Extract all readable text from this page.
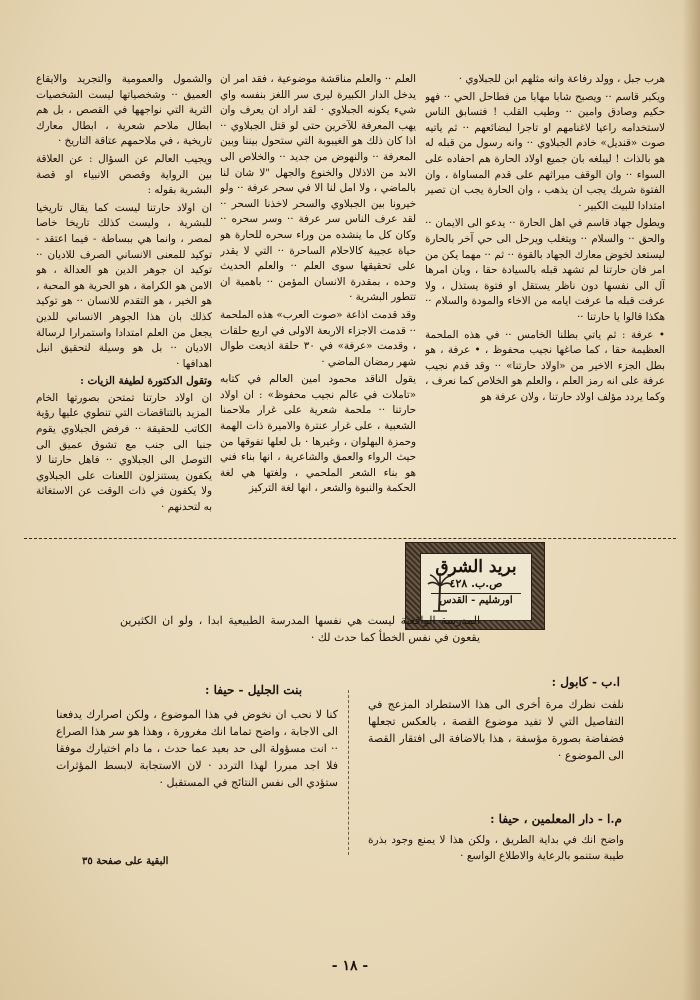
هرب جبل ، وولد رفاعة وانه مثلهم ابن للجبلاوي ·

ويكبر قاسم ·· ويصبح شابا مهابا من فطاحل الحي ·· فهو حكيم وصادق وامين ·· وطيب القلب ! فتسابق الناس لاستخدامه راعيا لاغنامهم او تاجرا لبضائعهم ·· ثم ياتيه صوت «قنديل» خادم الجبلاوي ·· وانه رسول من قبله له هو بالذات ! ليبلغه بان جميع اولاد الحارة هم احفاده على السواء ·· وان الوقف ميراثهم على قدم المساواة ، وان الفتوة شريك يجب ان يذهب ، وان الحارة يجب ان تصير امتدادا للبيت الكبير ·

ويطول جهاد قاسم في اهل الحارة ·· يدعو الى الايمان ·· والحق ·· والسلام ·· ويتغلب ويرحل الى حي آخر بالحارة ليستعد لخوض معارك الجهاد بالقوة ·· ثم ·· مهما يكن من امر فان حارتنا لم تشهد قبله بالسيادة حقا ، وبان امرها آل الى نفسها دون ناظر يستقل او فتوة يستذل ، ولا عرفت قبله ما عرفت ايامه من الاخاء والمودة والسلام ·· هكذا قالوا يا حارتنا ··

• عرفة : ثم ياتي بطلنا الخامس ·· في هذه الملحمة العظيمة حقا ، كما صاغها نجيب محفوظ ، • عرفة ، هو بطل الجزء الاخير من «اولاد حارتنا» ·· وقد قدم نجيب عرفة على انه رمز العلم ، والعلم هو الخلاص كما نعرف ، وكما يردد مؤلف اولاد حارتنا ، ولان عرفة هو

العلم ·· والعلم مناقشة موضوعية ، فقد امر ان يدخل الدار الكبيرة ليرى سر اللغز بنفسه واي شيء يكونه الجبلاوي · لقد اراد ان يعرف وان يهب المعرفة للآخرين حتى لو قتل الجبلاوي ·· اذا كان ذلك هو الغيبوبة التي ستحول بيننا وبين المعرفة ·· والنهوض من جديد ·· والخلاص الى الابد من الاذلال والخنوع والجهل "لا شان لنا بالماضي ، ولا امل لنا الا في سحر عرفة ·· ولو خيرونا بين الجبلاوي والسحر لاخذنا السحر ·· لقد عرف الناس سر عرفة ·· وسر سحره ·· وكان كل ما ينشده من وراء سحره للحارة هو حياة عجيبة كالاحلام الساحرة ·· التي لا يقدر على تحقيقها سوى العلم ·· والعلم الحديث وحده ، بمقدرة الانسان المؤمن ·· باهمية ان تتطور البشرية ·

وقد قدمت اذاعة «صوت العرب» هذه الملحمة ·· قدمت الاجزاء الاربعة الاولى في اربع حلقات ، وقدمت «عرفة» في ٣٠ حلقة اذيعت طوال شهر رمضان الماضي ·

يقول الناقد محمود امين العالم في كتابه «تاملات في عالم نجيب محفوظ» : ان اولاد حارتنا ·· ملحمة شعرية على غرار ملاحمنا الشعبية ، على غرار عنترة والاميرة ذات الهمة وحمزة البهلوان ، وغيرها · بل لعلها تفوقها من حيث الرواء والعمق والشاعرية ، انها بناء فني هو بناء الشعر الملحمي ، ولغتها هي لغة الحكمة والنبوة والشعر ، انها لغة التركيز

والشمول والعمومية والتجريد والايقاع العميق ·· وشخصياتها ليست الشخصيات الثرية التي نواجهها في القصص ، بل هم ابطال ملاحم شعرية ، ابطال معارك تاريخية ، في ملاحمهم عتاقة التاريخ ·

ويجيب العالم عن السؤال : عن العلاقة بين الرواية وقصص الانبياء او قصة البشرية بقوله :

ان اولاد حارتنا ليست كما يقال تاريخيا للبشرية ، وليست كذلك تاريخا خاصا لمصر ، وانما هي ببساطة - فيما اعتقد - توكيد للمعنى الانساني الصرف للاديان ·· توكيد ان جوهر الدين هو العدالة ، هو الامن هو الكرامة ، هو الحرية هو المحبة ، هو الخير ، هو التقدم للانسان ·· هو توكيد كذلك بان هذا الجوهر الانساني للدين يجعل من العلم امتدادا واستمرارا لرسالة الاديان ·· بل هو وسيلة لتحقيق انبل اهدافها ·

وتقول الدكتورة لطيفة الزيات :

ان اولاد حارتنا تمتحن بصورتها الخام المزيد بالتناقضات التي تنطوي عليها رؤية الكاتب للحقيقة ·· فرفض الجبلاوي يقوم جنبا الى جنب مع تشوق عميق الى التوصل الى الجبلاوي ·· فاهل حارتنا لا يكفون يستنزلون اللعنات على الجبلاوي ولا يكفون في ذات الوقت عن الاستغاثة به لتحدنهم ·

بريد الشرق
ص.ب. ٤٢٨
اورشليم - القدس
المدرسة الواقعية ليست هي نفسها المدرسة الطبيعية ابدا ، ولو ان الكثيرين يقعون في نفس الخطأ كما حدث لك ·
ا.ب - كابول :
نلفت نظرك مرة أخرى الى هذا الاستطراد المزعج في التفاصيل التي لا تفيد موضوع القصة ، بالعكس تجعلها فضفاضة بصورة مؤسفة ، هذا بالاضافة الى افتقار القصة الى الموضوع ·
بنت الجليل - حيفا :
كنا لا نحب ان نخوض في هذا الموضوع ، ولكن اصرارك يدفعنا الى الاجابة ، واضح تماما انك مغرورة ، وهذا هو سر هذا الصراع ·· انت مسؤولة الى حد بعيد عما حدث ، ما دام اختيارك موفقا فلا اجد مبررا لهذا التردد · لان الاستجابة لابسط المؤثرات ستؤدي الى نفس النتائج في المستقبل ·
البقية على صفحة ٣٥
م.ا - دار المعلمين ، حيفا :
واضح انك في بداية الطريق ، ولكن هذا لا يمنع وجود بذرة طيبة ستنمو بالرعاية والاطلاع الواسع ·
- ١٨ -
